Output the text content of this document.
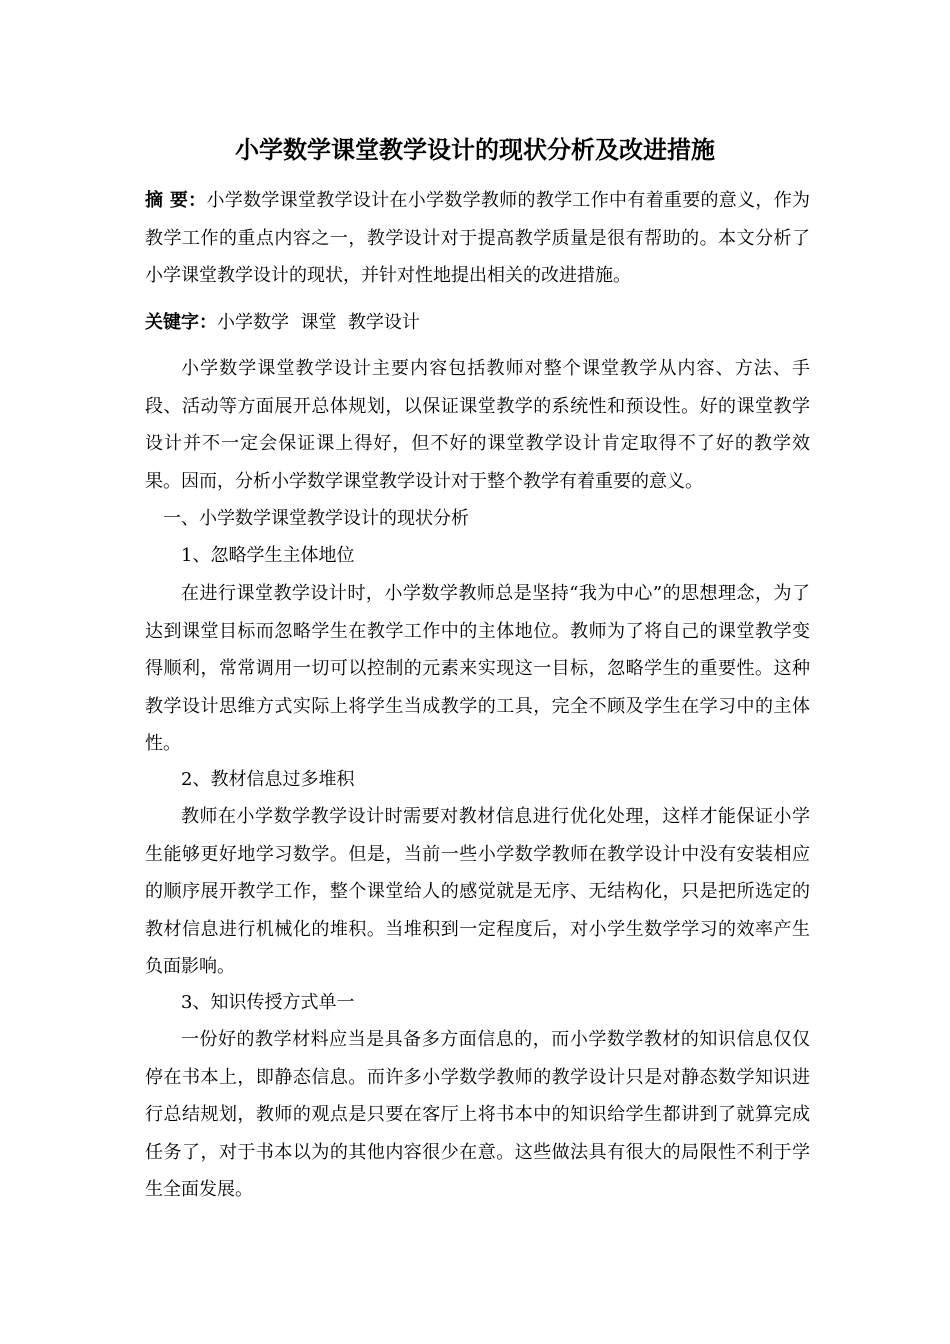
小学数学课堂教学设计的现状分析及改进措施
摘 要：小学数学课堂教学设计在小学数学教师的教学工作中有着重要的意义，作为教学工作的重点内容之一，教学设计对于提高教学质量是很有帮助的。本文分析了小学课堂教学设计的现状，并针对性地提出相关的改进措施。
关键字：小学数学  课堂  教学设计
小学数学课堂教学设计主要内容包括教师对整个课堂教学从内容、方法、手段、活动等方面展开总体规划，以保证课堂教学的系统性和预设性。好的课堂教学设计并不一定会保证课上得好，但不好的课堂教学设计肯定取得不了好的教学效果。因而，分析小学数学课堂教学设计对于整个教学有着重要的意义。
一、小学数学课堂教学设计的现状分析
1、忽略学生主体地位
在进行课堂教学设计时，小学数学教师总是坚持“我为中心”的思想理念，为了达到课堂目标而忽略学生在教学工作中的主体地位。教师为了将自己的课堂教学变得顺利，常常调用一切可以控制的元素来实现这一目标，忽略学生的重要性。这种教学设计思维方式实际上将学生当成教学的工具，完全不顾及学生在学习中的主体性。
2、教材信息过多堆积
教师在小学数学教学设计时需要对教材信息进行优化处理，这样才能保证小学生能够更好地学习数学。但是，当前一些小学数学教师在教学设计中没有安装相应的顺序展开教学工作，整个课堂给人的感觉就是无序、无结构化，只是把所选定的教材信息进行机械化的堆积。当堆积到一定程度后，对小学生数学学习的效率产生负面影响。
3、知识传授方式单一
一份好的教学材料应当是具备多方面信息的，而小学数学教材的知识信息仅仅停在书本上，即静态信息。而许多小学数学教师的教学设计只是对静态数学知识进行总结规划，教师的观点是只要在客厅上将书本中的知识给学生都讲到了就算完成任务了，对于书本以为的其他内容很少在意。这些做法具有很大的局限性不利于学生全面发展。
